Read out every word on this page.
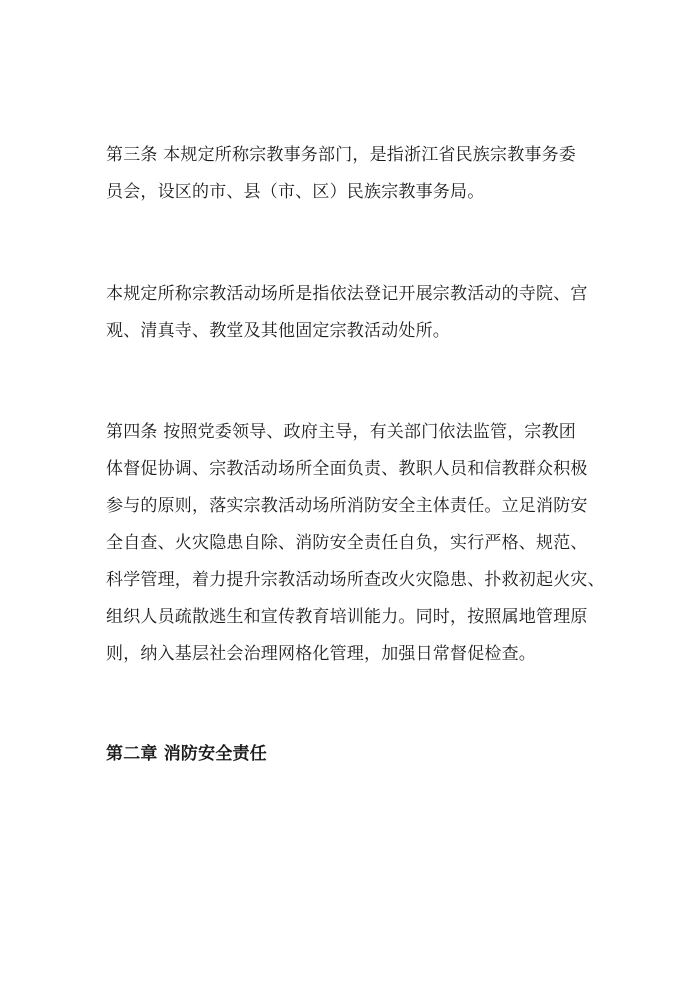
第三条 本规定所称宗教事务部门，是指浙江省民族宗教事务委
员会，设区的市、县（市、区）民族宗教事务局。
本规定所称宗教活动场所是指依法登记开展宗教活动的寺院、宫
观、清真寺、教堂及其他固定宗教活动处所。
第四条 按照党委领导、政府主导，有关部门依法监管，宗教团
体督促协调、宗教活动场所全面负责、教职人员和信教群众积极
参与的原则，落实宗教活动场所消防安全主体责任。立足消防安
全自查、火灾隐患自除、消防安全责任自负，实行严格、规范、
科学管理，着力提升宗教活动场所查改火灾隐患、扑救初起火灾、
组织人员疏散逃生和宣传教育培训能力。同时，按照属地管理原
则，纳入基层社会治理网格化管理，加强日常督促检查。
第二章 消防安全责任
